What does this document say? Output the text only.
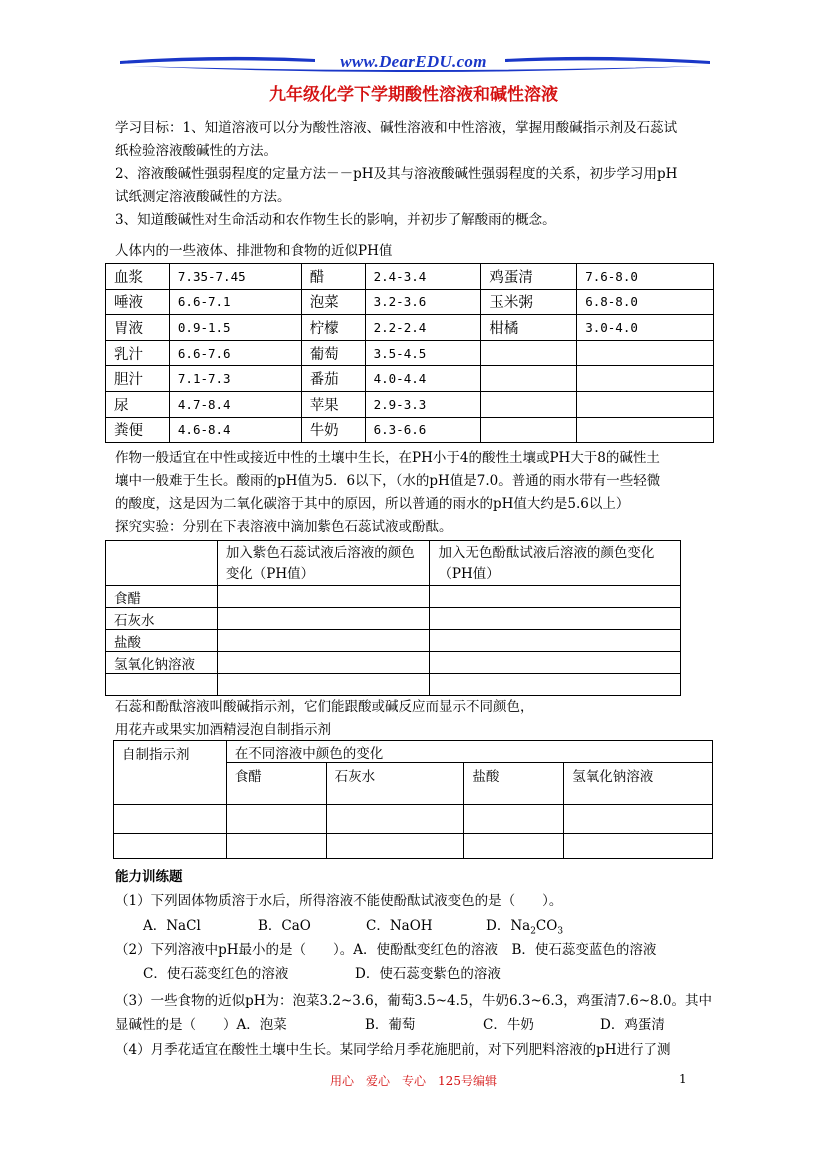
www.DearEDU.com
九年级化学下学期酸性溶液和碱性溶液
学习目标：1、知道溶液可以分为酸性溶液、碱性溶液和中性溶液，掌握用酸碱指示剂及石蕊试
纸检验溶液酸碱性的方法。
2、溶液酸碱性强弱程度的定量方法－－pH及其与溶液酸碱性强弱程度的关系，初步学习用pH
试纸测定溶液酸碱性的方法。
3、知道酸碱性对生命活动和农作物生长的影响，并初步了解酸雨的概念。
人体内的一些液体、排泄物和食物的近似PH值
血浆	7.35-7.45	醋	2.4-3.4	鸡蛋清	7.6-8.0
唾液	6.6-7.1	泡菜	3.2-3.6	玉米粥	6.8-8.0
胃液	0.9-1.5	柠檬	2.2-2.4	柑橘	3.0-4.0
乳汁	6.6-7.6	葡萄	3.5-4.5		
胆汁	7.1-7.3	番茄	4.0-4.4		
尿	4.7-8.4	苹果	2.9-3.3		
粪便	4.6-8.4	牛奶	6.3-6.6		
作物一般适宜在中性或接近中性的土壤中生长，在PH小于4的酸性土壤或PH大于8的碱性土
壤中一般难于生长。酸雨的pH值为5．6以下，（水的pH值是7.0。普通的雨水带有一些轻微
的酸度，这是因为二氧化碳溶于其中的原因，所以普通的雨水的pH值大约是5.6以上）
探究实验：分别在下表溶液中滴加紫色石蕊试液或酚酞。
	加入紫色石蕊试液后溶液的颜色变化（PH值）	加入无色酚酞试液后溶液的颜色变化（PH值）
食醋		
石灰水		
盐酸		
氢氧化钠溶液		

石蕊和酚酞溶液叫酸碱指示剂，它们能跟酸或碱反应而显示不同颜色，
用花卉或果实加酒精浸泡自制指示剂
自制指示剂	在不同溶液中颜色的变化			
	食醋	石灰水	盐酸	氢氧化钠溶液

能力训练题
（1）下列固体物质溶于水后，所得溶液不能使酚酞试液变色的是（　　）。
A．NaCl	B．CaO	C．NaOH	D．$Na_2CO_3$
（2）下列溶液中pH最小的是（　　）。A．使酚酞变红色的溶液　B．使石蕊变蓝色的溶液
C．使石蕊变红色的溶液	D．使石蕊变紫色的溶液
（3）一些食物的近似pH为：泡菜3.2~3.6，葡萄3.5~4.5，牛奶6.3~6.3，鸡蛋清7.6~8.0。其中
显碱性的是（　　）A．泡菜	B．葡萄	C．牛奶	D．鸡蛋清
（4）月季花适宜在酸性土壤中生长。某同学给月季花施肥前，对下列肥料溶液的pH进行了测
用心　爱心　专心　125号编辑	1
